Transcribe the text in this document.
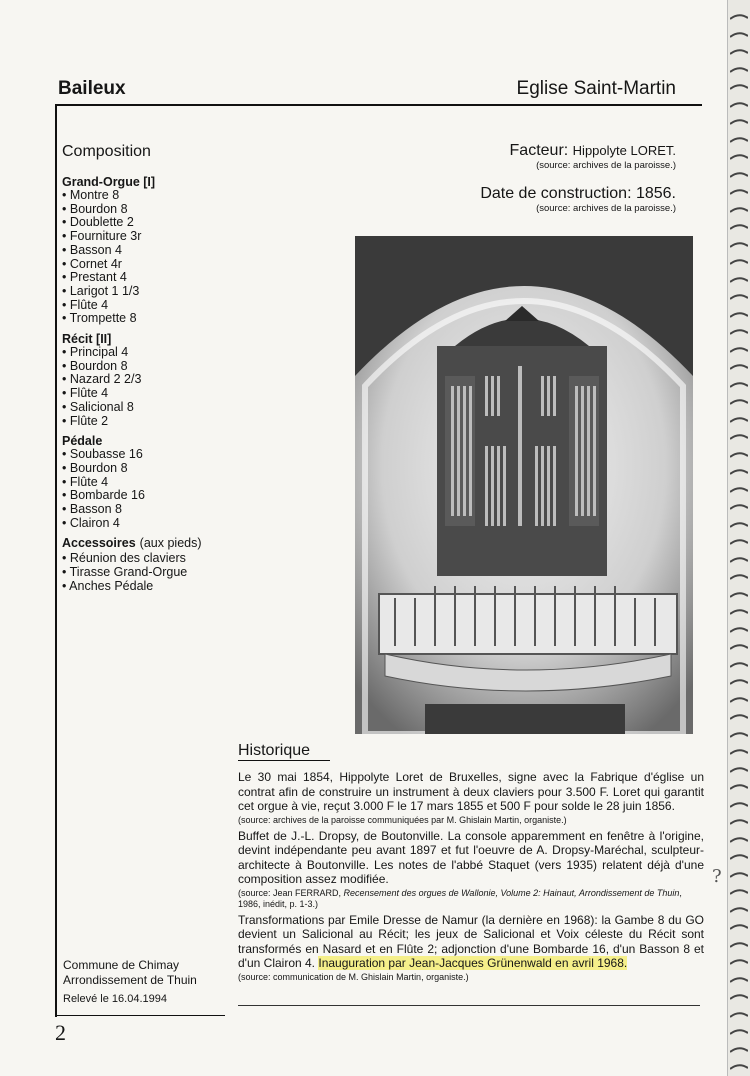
Baileux	Eglise Saint-Martin
Composition
Grand-Orgue [I]
• Montre 8
• Bourdon 8
• Doublette 2
• Fourniture 3r
• Basson 4
• Cornet 4r
• Prestant 4
• Larigot 1 1/3
• Flûte 4
• Trompette 8
Récit [II]
• Principal 4
• Bourdon 8
• Nazard 2 2/3
• Flûte 4
• Salicional 8
• Flûte 2
Pédale
• Soubasse 16
• Bourdon 8
• Flûte 4
• Bombarde 16
• Basson 8
• Clairon 4
Accessoires (aux pieds)
• Réunion des claviers
• Tirasse Grand-Orgue
• Anches Pédale
Facteur: Hippolyte LORET.
(source: archives de la paroisse.)
Date de construction: 1856.
(source: archives de la paroisse.)
Historique
Le 30 mai 1854, Hippolyte Loret de Bruxelles, signe avec la Fabrique d'église un contrat afin de construire un instrument à deux claviers pour 3.500 F. Loret qui garantit cet orgue à vie, reçut 3.000 F le 17 mars 1855 et 500 F pour solde le 28 juin 1856.
(source: archives de la paroisse communiquées par M. Ghislain Martin, organiste.)
Buffet de J.-L. Dropsy, de Boutonville. La console apparemment en fenêtre à l'origine, devint indépendante peu avant 1897 et fut l'oeuvre de A. Dropsy-Maréchal, sculpteur-architecte à Boutonville. Les notes de l'abbé Staquet (vers 1935) relatent déjà d'une composition assez modifiée.
(source: Jean FERRARD, Recensement des orgues de Wallonie, Volume 2: Hainaut, Arrondissement de Thuin, 1986, inédit, p. 1-3.)
Transformations par Emile Dresse de Namur (la dernière en 1968): la Gambe 8 du GO devient un Salicional au Récit; les jeux de Salicional et Voix céleste du Récit sont transformés en Nasard et en Flûte 2; adjonction d'une Bombarde 16, d'un Basson 8 et d'un Clairon 4. Inauguration par Jean-Jacques Grünenwald en avril 1968.
(source: communication de M. Ghislain Martin, organiste.)
?
Commune de Chimay
Arrondissement de Thuin
Relevé le 16.04.1994
2
